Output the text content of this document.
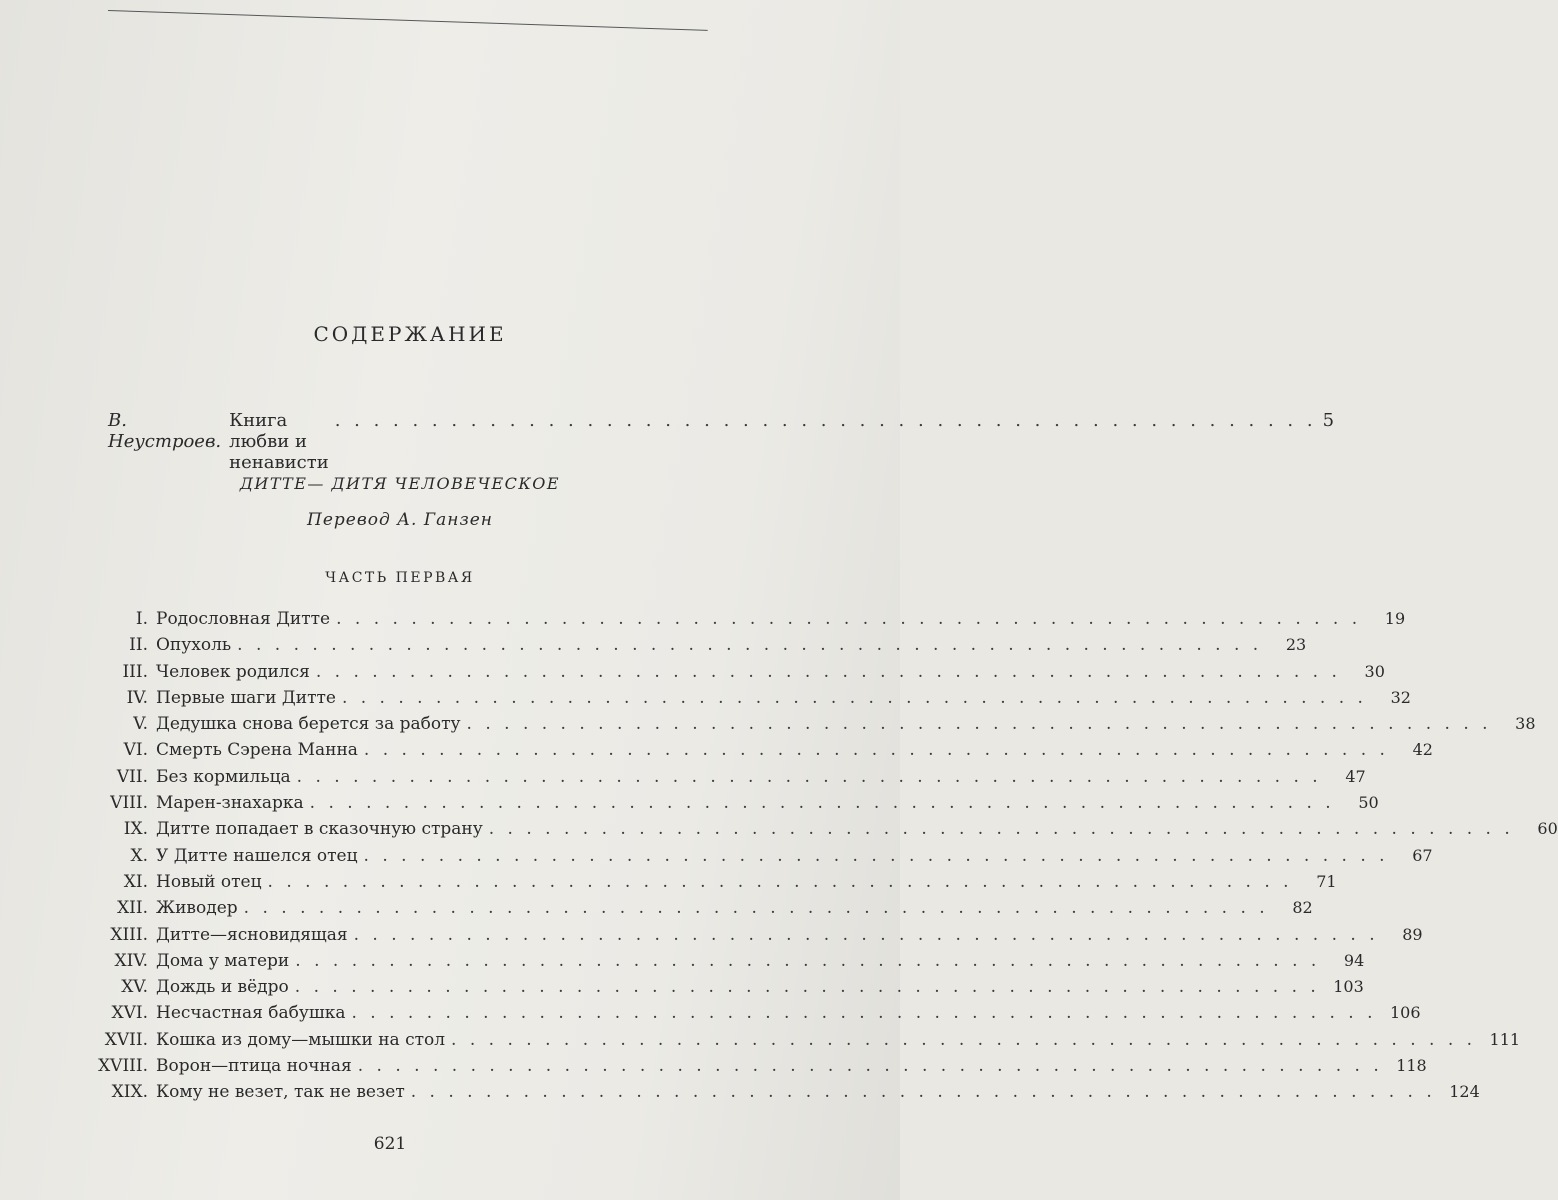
СОДЕРЖАНИЕ
В. Неустроев.
Книга любви и ненависти
. . . . . . . . . . . . . . . . . . . . . . . . . . . . . . . . . . . . . . . . . . . . . . . . . . . 5
ДИТТЕ— ДИТЯ ЧЕЛОВЕЧЕСКОЕ
Перевод А. Ганзен
ЧАСТЬ ПЕРВАЯ
I. Родословная Дитте . . . . . . . . . . . . . . . . . . . . . . . . . . . . . . . . . . . . . . . . . . . . . . . . . . . . . . .	19
II. Опухоль . . . . . . . . . . . . . . . . . . . . . . . . . . . . . . . . . . . . . . . . . . . . . . . . . . . . . . .	23
III. Человек родился . . . . . . . . . . . . . . . . . . . . . . . . . . . . . . . . . . . . . . . . . . . . . . . . . . . . . . .	30
IV. Первые шаги Дитте . . . . . . . . . . . . . . . . . . . . . . . . . . . . . . . . . . . . . . . . . . . . . . . . . . . . . . .	32
V. Дедушка снова берется за работу . . . . . . . . . . . . . . . . . . . . . . . . . . . . . . . . . . . . . . . . . . . . . . . . . . . . . . .	38
VI. Смерть Сэрена Манна . . . . . . . . . . . . . . . . . . . . . . . . . . . . . . . . . . . . . . . . . . . . . . . . . . . . . . .	42
VII. Без кормильца . . . . . . . . . . . . . . . . . . . . . . . . . . . . . . . . . . . . . . . . . . . . . . . . . . . . . . .	47
VIII. Марен-знахарка . . . . . . . . . . . . . . . . . . . . . . . . . . . . . . . . . . . . . . . . . . . . . . . . . . . . . . .	50
IX. Дитте попадает в сказочную страну . . . . . . . . . . . . . . . . . . . . . . . . . . . . . . . . . . . . . . . . . . . . . . . . . . . . . . .	60
X. У Дитте нашелся отец . . . . . . . . . . . . . . . . . . . . . . . . . . . . . . . . . . . . . . . . . . . . . . . . . . . . . . .	67
XI. Новый отец . . . . . . . . . . . . . . . . . . . . . . . . . . . . . . . . . . . . . . . . . . . . . . . . . . . . . . .	71
XII. Живодер . . . . . . . . . . . . . . . . . . . . . . . . . . . . . . . . . . . . . . . . . . . . . . . . . . . . . . .	82
XIII. Дитте—ясновидящая . . . . . . . . . . . . . . . . . . . . . . . . . . . . . . . . . . . . . . . . . . . . . . . . . . . . . . .	89
XIV. Дома у матери . . . . . . . . . . . . . . . . . . . . . . . . . . . . . . . . . . . . . . . . . . . . . . . . . . . . . . .	94
XV. Дождь и вёдро . . . . . . . . . . . . . . . . . . . . . . . . . . . . . . . . . . . . . . . . . . . . . . . . . . . . . . . 103
XVI. Несчастная бабушка . . . . . . . . . . . . . . . . . . . . . . . . . . . . . . . . . . . . . . . . . . . . . . . . . . . . . . . 106
XVII. Кошка из дому—мышки на стол . . . . . . . . . . . . . . . . . . . . . . . . . . . . . . . . . . . . . . . . . . . . . . . . . . . . . . . 111
XVIII. Ворон—птица ночная . . . . . . . . . . . . . . . . . . . . . . . . . . . . . . . . . . . . . . . . . . . . . . . . . . . . . . . 118
XIX. Кому не везет, так не везет . . . . . . . . . . . . . . . . . . . . . . . . . . . . . . . . . . . . . . . . . . . . . . . . . . . . . . . 124
621
